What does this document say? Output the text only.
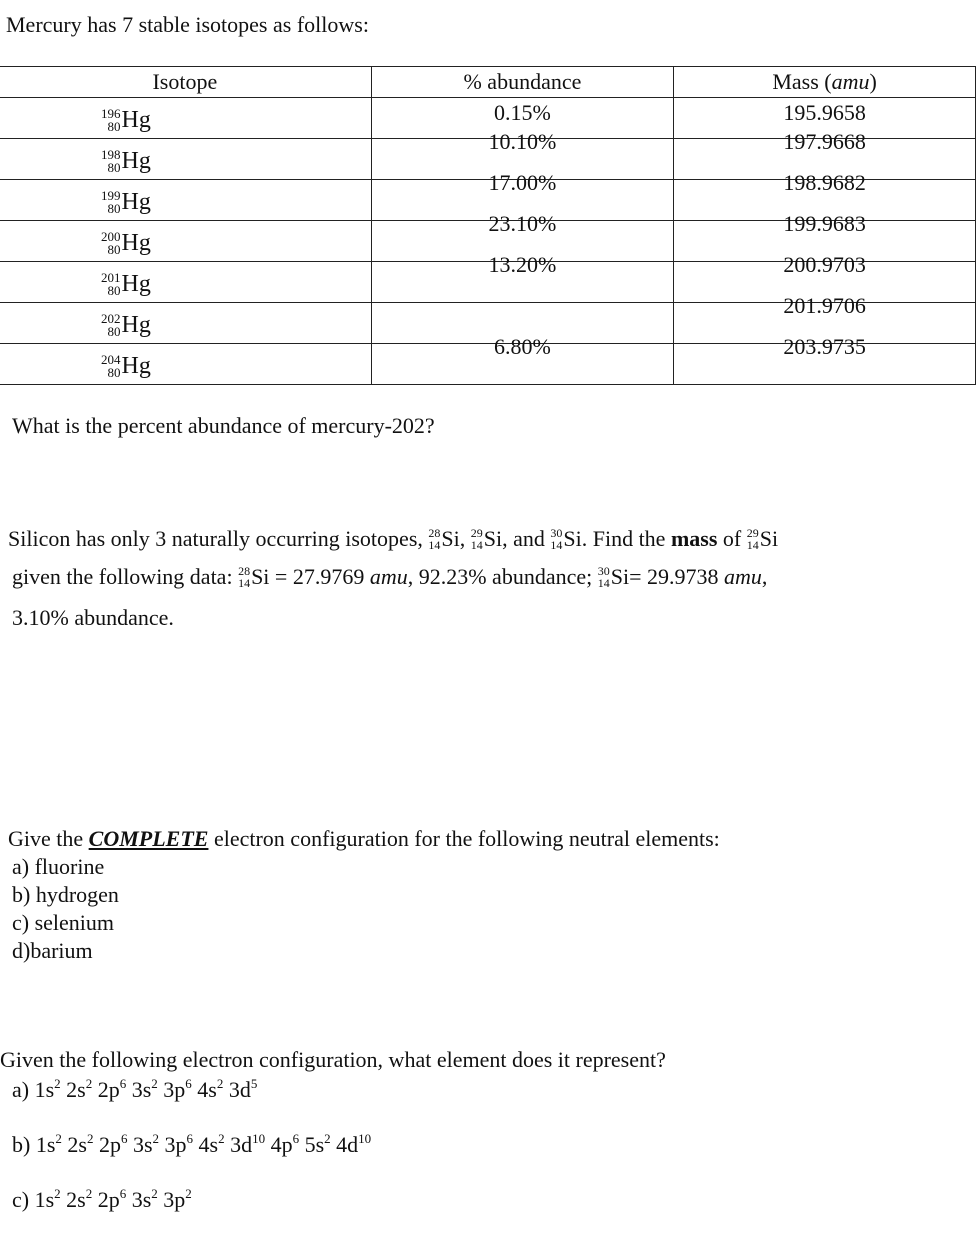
Mercury has 7 stable isotopes as follows:
Isotope	% abundance	Mass (amu)

196
80 Hg	0.15%	195.9658

198
80 Hg	10.10%	197.9668

199
80 Hg	17.00%	198.9682

200
80 Hg	23.10%	199.9683

201
80 Hg	13.20%	200.9703

202
80 Hg		201.9706

204
80 Hg	6.80%	203.9735
What is the percent abundance of mercury-202?
Silicon has only 3 naturally occurring isotopes,
28
14 Si ,
29
14 Si , and
30
14 Si . Find the
mass
of
29
14 Si
given the following data:
28
14 Si
= 27.9769
amu , 92.23% abundance;
30
14 Si = 29.9738
amu ,
3.10% abundance.
Give the COMPLETE electron configuration for the following neutral elements:
a) fluorine
b) hydrogen
c) selenium
d)barium
Given the following electron configuration, what element does it represent?
a) $1s^2$ $2s^2$ $2p^6$ $3s^2$ $3p^6$ $4s^2$ $3d^5$
b) $1s^2$ $2s^2$ $2p^6$ $3s^2$ $3p^6$ $4s^2$ $3d^{10}$ $4p^6$ $5s^2$ $4d^{10}$
c) $1s^2$ $2s^2$ $2p^6$ $3s^2$ $3p^2$
